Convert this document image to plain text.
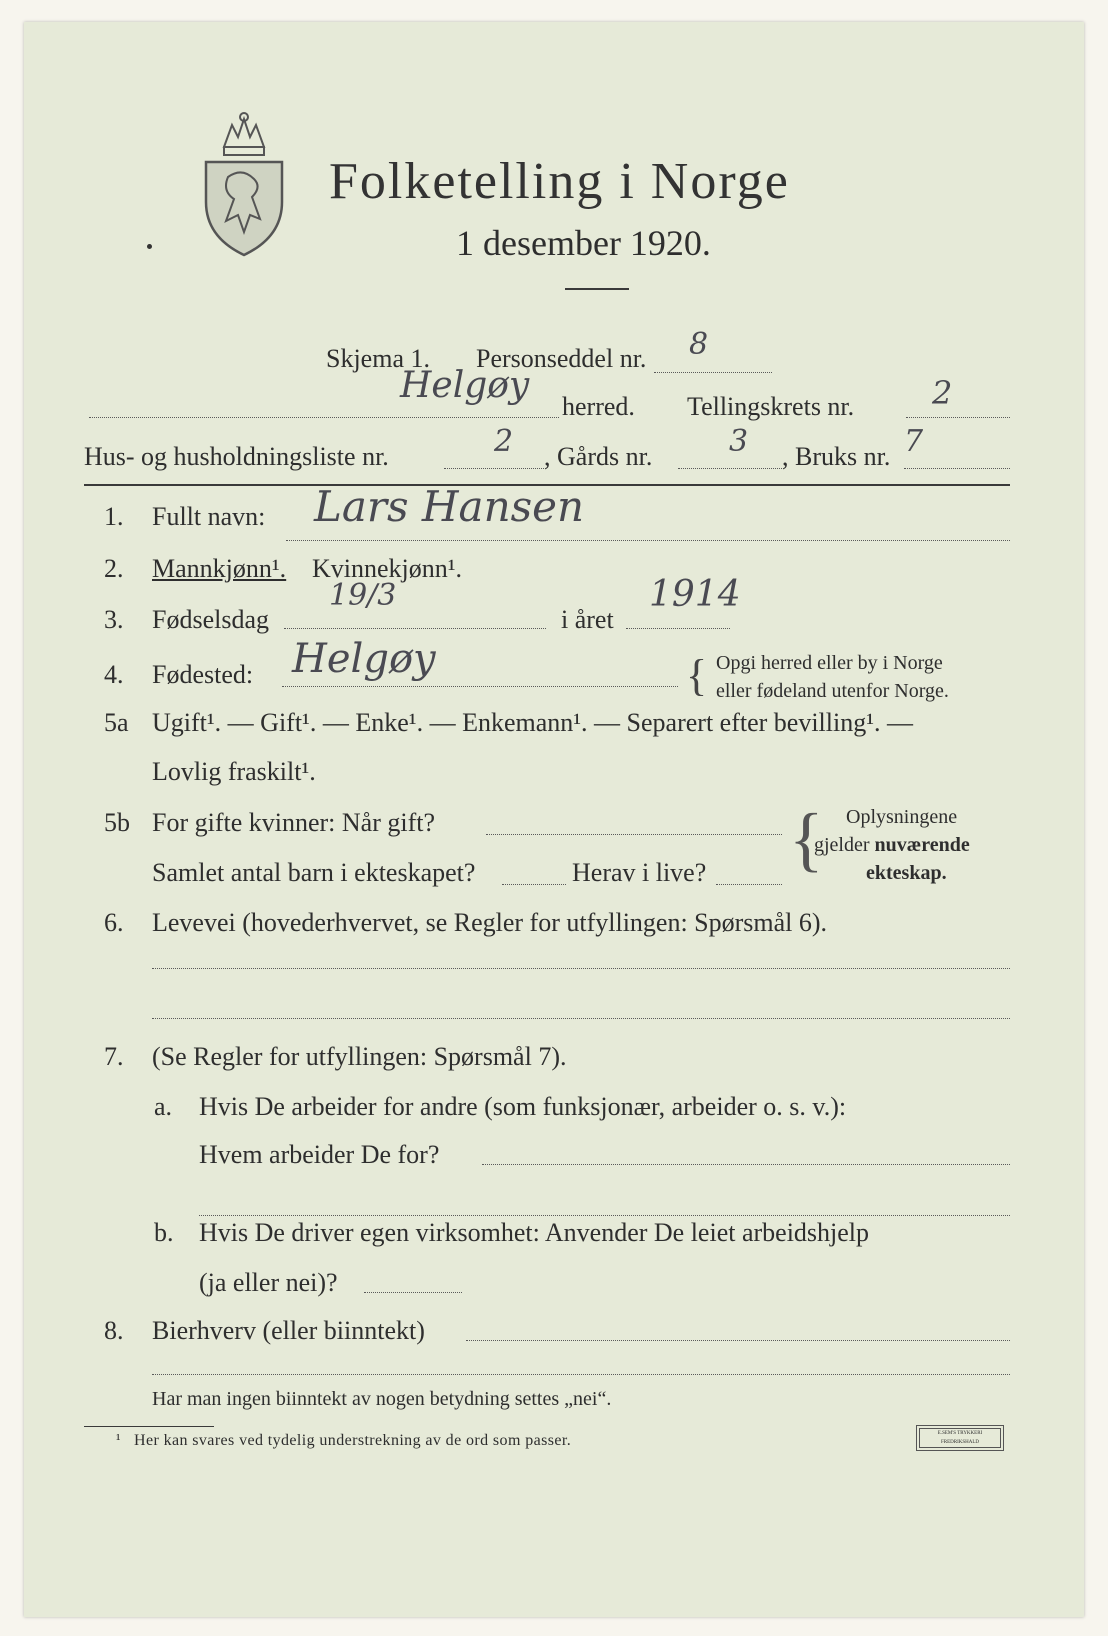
Folketelling i Norge
1 desember 1920.
Skjema 1. Personseddel nr. 8
Helgøy
herred. Tellingskrets nr. 2
Hus- og husholdningsliste nr.	2 , Gårds nr.	3 , Bruks nr. 7
1. Fullt navn: Lars Hansen
2. Mannkjønn¹. Kvinnekjønn¹.
3. Fødselsdag
19/3
i året
1914
4. Fødested: Helgøy	{ Opgi herred eller by i Norge
eller fødeland utenfor Norge.
5a Ugift¹. — Gift¹. — Enke¹. — Enkemann¹. — Separert efter bevilling¹. —
Lovlig fraskilt¹.
5b For gifte kvinner: Når gift?
Samlet antal barn i ekteskapet?	Herav i live? { Oplysningene
gjelder nuværende
ekteskap.
6. Levevei (hovederhvervet, se Regler for utfyllingen: Spørsmål 6).
7. (Se Regler for utfyllingen: Spørsmål 7).
a. Hvis De arbeider for andre (som funksjonær, arbeider o. s. v.):
Hvem arbeider De for?
b. Hvis De driver egen virksomhet: Anvender De leiet arbeidshjelp
(ja eller nei)?
8. Bierhverv (eller biinntekt)
Har man ingen biinntekt av nogen betydning settes „nei“.
¹ Her kan svares ved tydelig understrekning av de ord som passer.	E.SEM'S TRYKKERI FREDRIKSHALD
